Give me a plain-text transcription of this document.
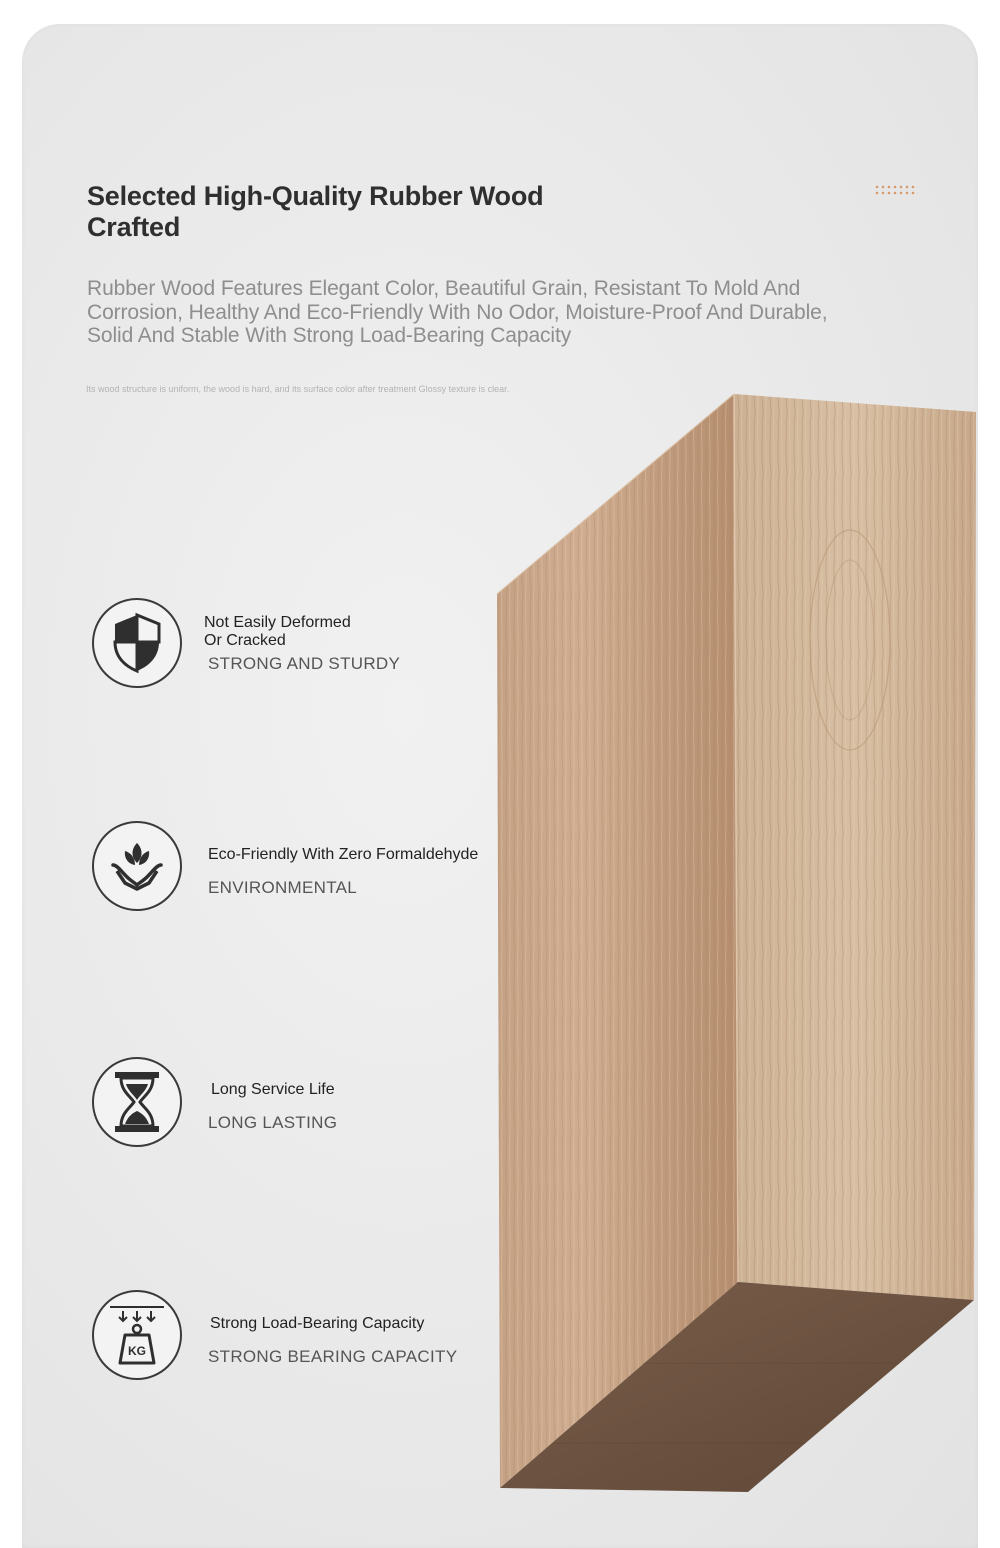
Selected High-Quality Rubber Wood Crafted

Rubber Wood Features Elegant Color, Beautiful Grain, Resistant To Mold And Corrosion, Healthy And Eco-Friendly With No Odor, Moisture-Proof And Durable, Solid And Stable With Strong Load-Bearing Capacity

Its wood structure is uniform, the wood is hard, and its surface color after treatment Glossy texture is clear.

Not Easily Deformed
Or Cracked

STRONG AND STURDY

Eco-Friendly With Zero Formaldehyde

ENVIRONMENTAL

Long Service Life

LONG LASTING

KG

Strong Load-Bearing Capacity

STRONG BEARING CAPACITY
